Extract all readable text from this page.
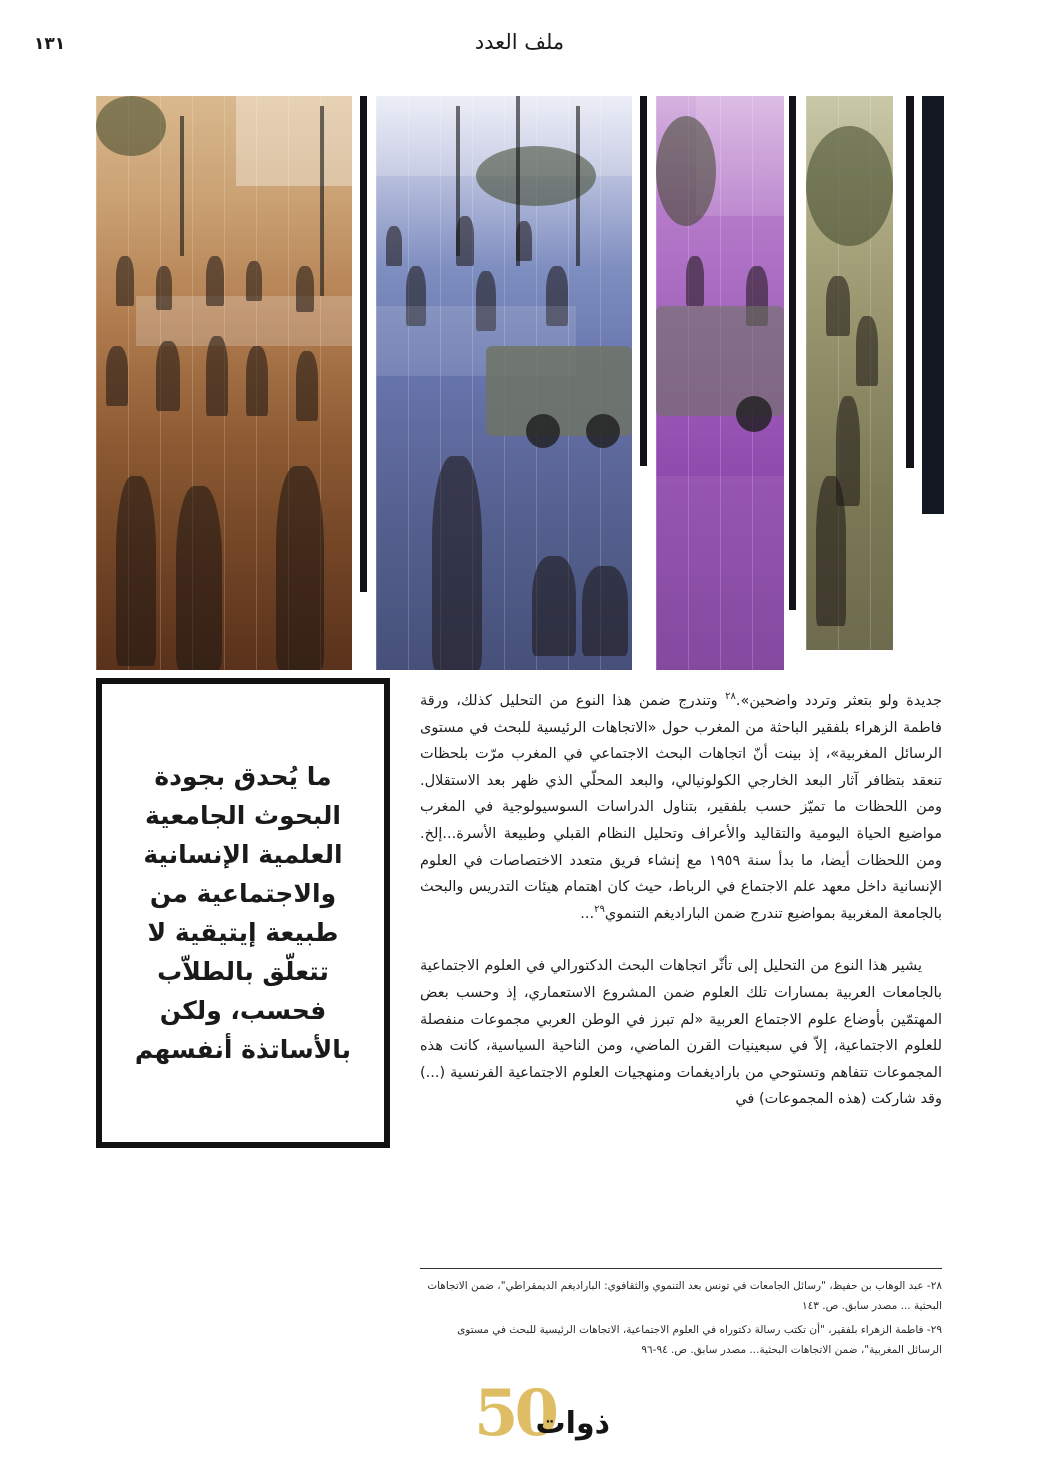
١٣١	ملف العدد
ما يُحدق بجودة البحوث الجامعية العلمية الإنسانية والاجتماعية من طبيعة إيتيقية لا تتعلّق بالطلاّب فحسب، ولكن بالأساتذة أنفسهم

جديدة ولو بتعثر وتردد واضحين».$^{٢٨}$ وتندرج ضمن هذا النوع من التحليل كذلك، ورقة فاطمة الزهراء بلفقير الباحثة من المغرب حول «الاتجاهات الرئيسية للبحث في مستوى الرسائل المغربية»، إذ بينت أنّ اتجاهات البحث الاجتماعي في المغرب مرّت بلحظات تنعقد بتظافر آثار البعد الخارجي الكولونيالي، والبعد المحلّي الذي ظهر بعد الاستقلال. ومن اللحظات ما تميّز حسب بلفقير، بتناول الدراسات السوسيولوجية في المغرب مواضيع الحياة اليومية والتقاليد والأعراف وتحليل النظام القبلي وطبيعة الأسرة...إلخ. ومن اللحظات أيضا، ما بدأ سنة ١٩٥٩ مع إنشاء فريق متعدد الاختصاصات في العلوم الإنسانية داخل معهد علم الاجتماع في الرباط، حيث كان اهتمام هيئات التدريس والبحث بالجامعة المغربية بمواضيع تندرج ضمن البارادیغم التنموي$^{٢٩}$...

يشير هذا النوع من التحليل إلى تأثّر اتجاهات البحث الدكتورالي في العلوم الاجتماعية بالجامعات العربية بمسارات تلك العلوم ضمن المشروع الاستعماري، إذ وحسب بعض المهتمّين بأوضاع علوم الاجتماع العربية «لم تبرز في الوطن العربي مجموعات منفصلة للعلوم الاجتماعية، إلاّ في سبعينيات القرن الماضي، ومن الناحية السياسية، كانت هذه المجموعات تتفاهم وتستوحي من باراديغمات ومنهجيات العلوم الاجتماعية الفرنسية (...) وقد شاركت (هذه المجموعات) في

٢٨- عبد الوهاب بن حفيظ، "رسائل الجامعات في تونس بعد التنموي والثقافوي: البارادیغم الديمقراطي"، ضمن الاتجاهات البحثية ... مصدر سابق. ص. ١٤٣

٢٩- فاطمة الزهراء بلفقير، "أن تكتب رسالة دكتوراه في العلوم الاجتماعية، الاتجاهات الرئيسية للبحث في مستوى الرسائل المغربية"، ضمن الاتجاهات البحثية... مصدر سابق. ص. ٩٤-٩٦

50
ذوات
